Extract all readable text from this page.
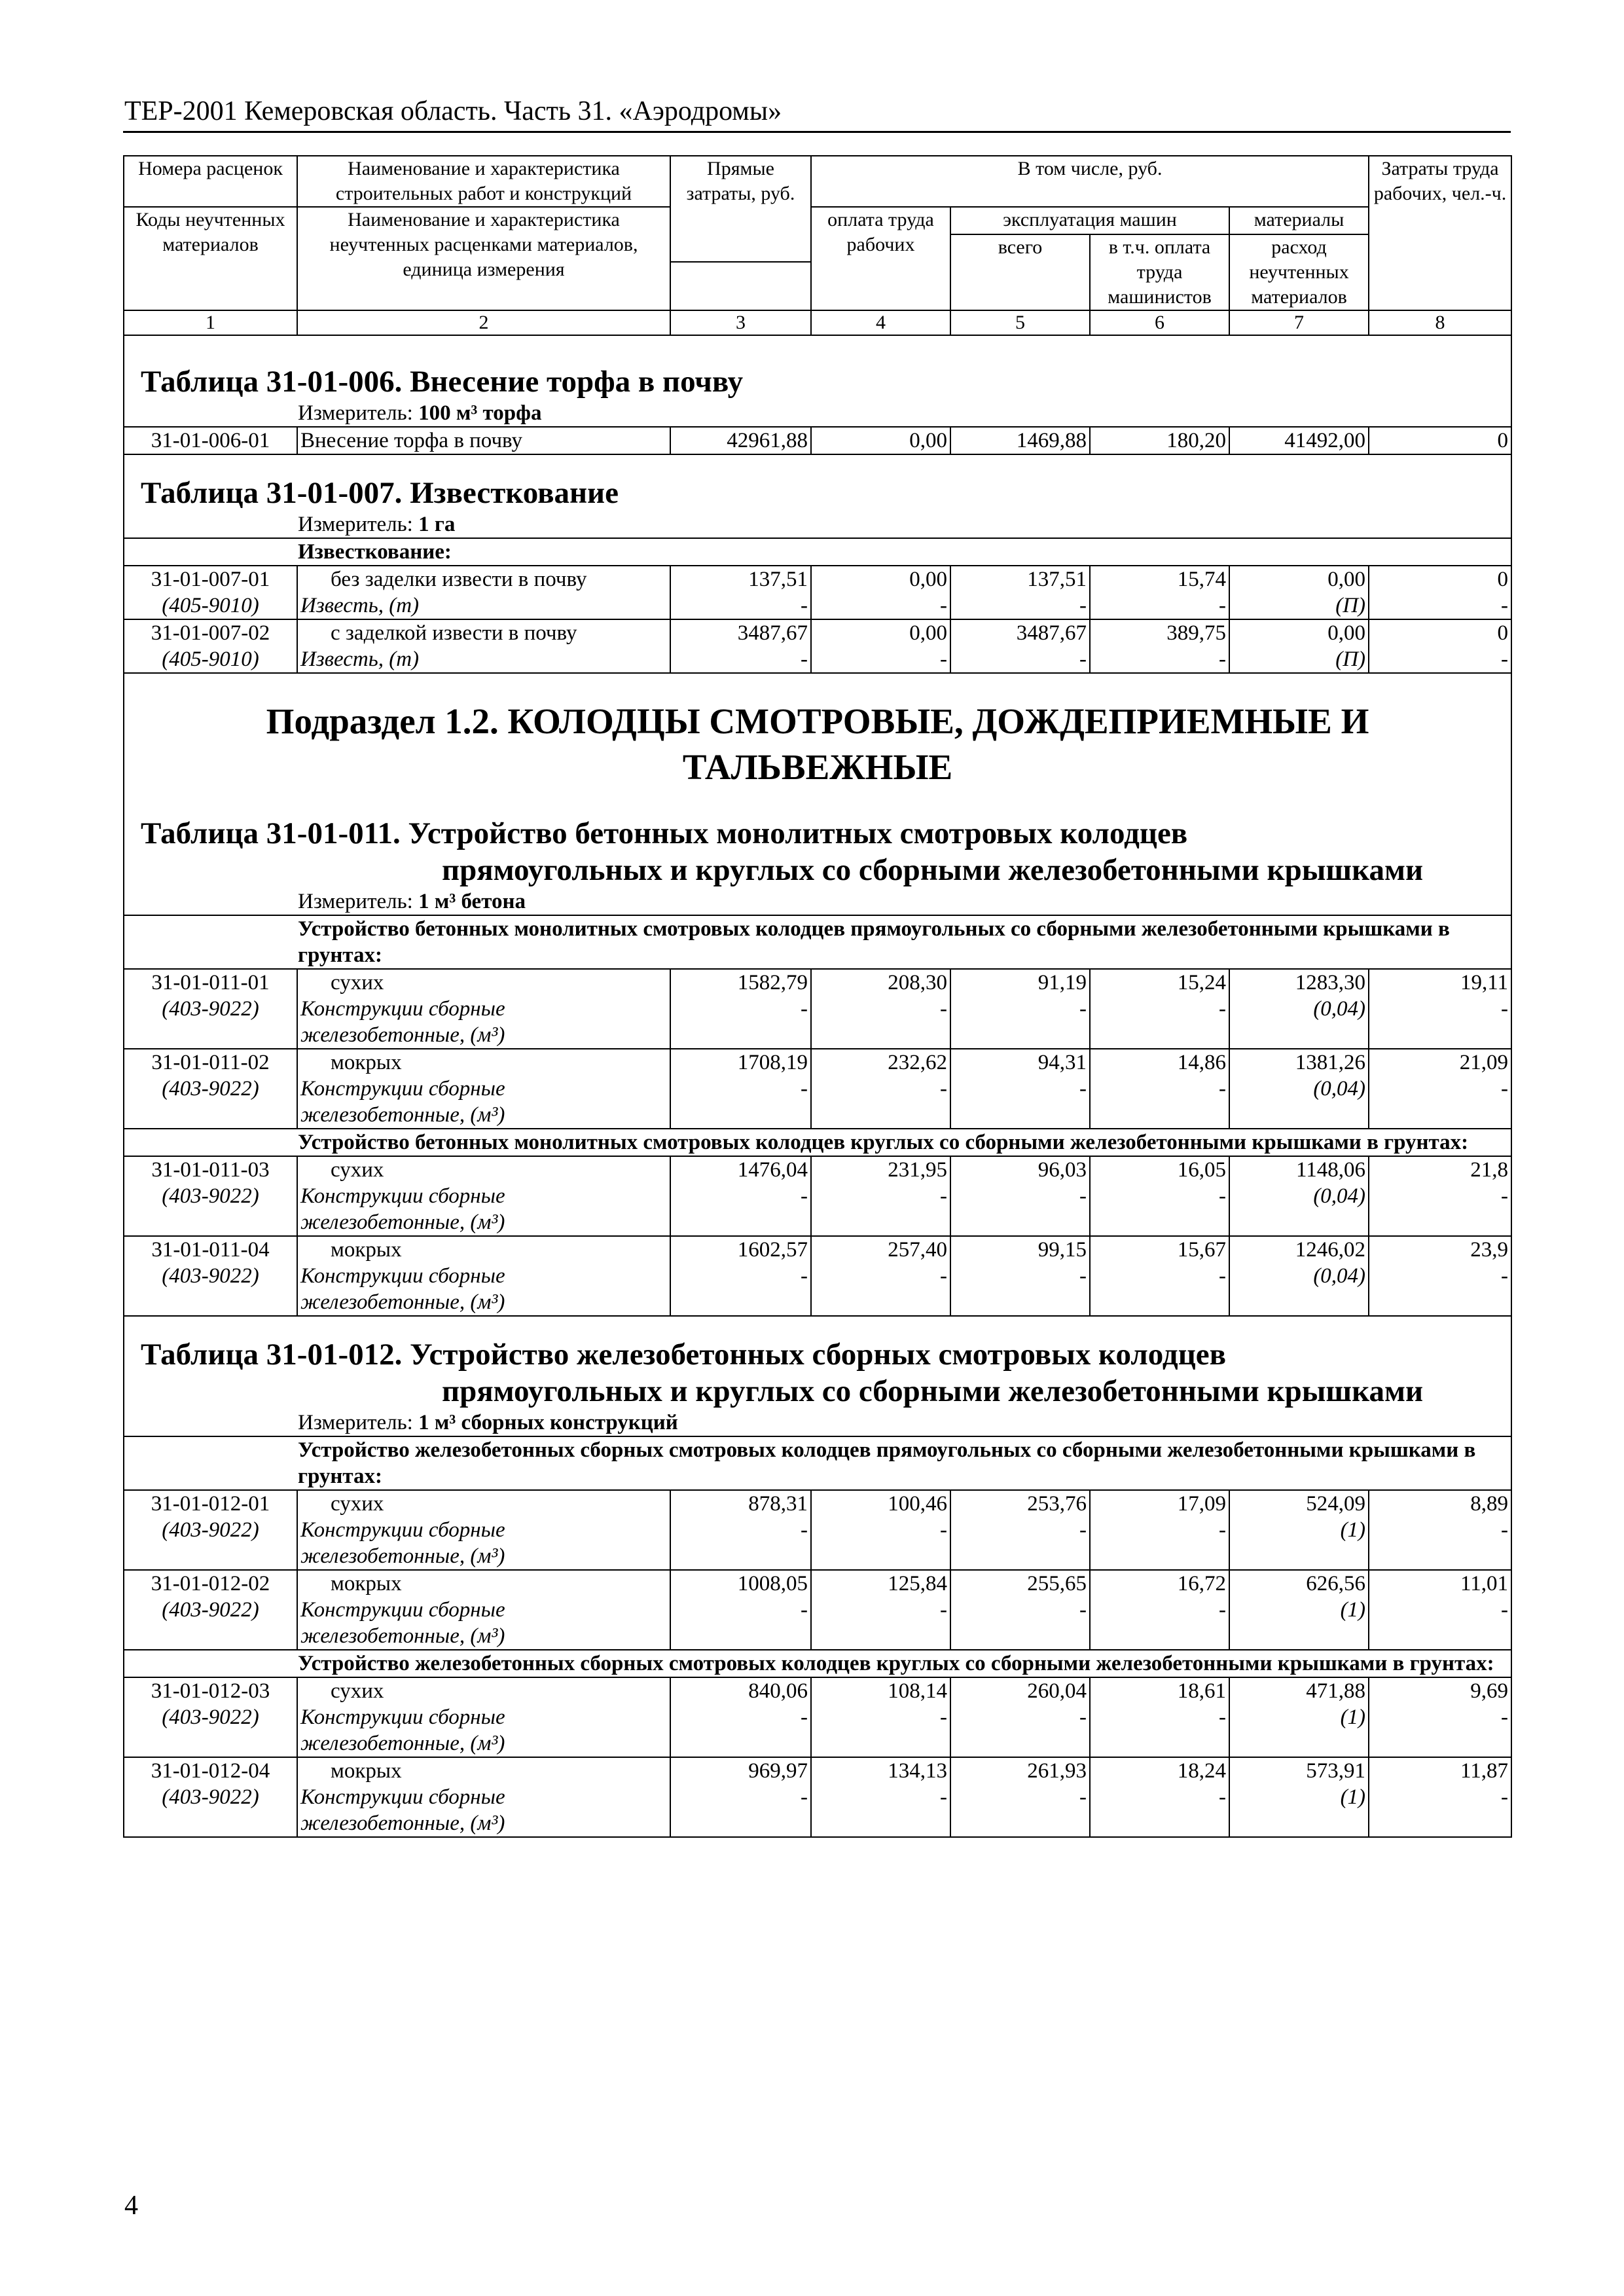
ТЕР-2001 Кемеровская область. Часть 31. «Аэродромы»
Номера расценок	Наименование и характеристика строительных работ и конструкций	Прямые затраты, руб.	В том числе, руб.				Затраты труда рабочих, чел.-ч.
Коды неучтенных материалов	Наименование и характеристика неучтенных расценками материалов, единица измерения		оплата труда рабочих	эксплуатация машин		материалы	
				всего	в т.ч. оплата труда машинистов	расход неучтенных материалов	

1	2	3	4	5	6	7	8

Таблица 31-01-006. Внесение торфа в почву							
Измеритель: 100 м³ торфа							
31-01-006-01	Внесение торфа в почву	42961,88	0,00	1469,88	180,20	41492,00	0

Таблица 31-01-007. Известкование							
Измеритель: 1 га							
Известкование:							
31-01-007-01	без заделки извести в почву	137,51	0,00	137,51	15,74	0,00	0
(405-9010)	Известь, (т)	-	-	-	-	(П)	-
31-01-007-02	с заделкой извести в почву	3487,67	0,00	3487,67	389,75	0,00	0
(405-9010)	Известь, (т)	-	-	-	-	(П)	-

Подраздел 1.2. КОЛОДЦЫ СМОТРОВЫЕ, ДОЖДЕПРИЕМНЫЕ И
ТАЛЬВЕЖНЫЕ							

Таблица 31-01-011. Устройство бетонных монолитных смотровых колодцев
прямоугольных и круглых со сборными железобетонными крышками							

Измеритель: 1 м³ бетона							
Устройство бетонных монолитных смотровых колодцев прямоугольных со сборными железобетонными крышками в грунтах:							
31-01-011-01	сухих	1582,79	208,30	91,19	15,24	1283,30	19,11
(403-9022)	Конструкции сборные	-	-	-	-	(0,04)	-
	железобетонные, (м³)						
31-01-011-02	мокрых	1708,19	232,62	94,31	14,86	1381,26	21,09
(403-9022)	Конструкции сборные	-	-	-	-	(0,04)	-
	железобетонные, (м³)						
Устройство бетонных монолитных смотровых колодцев круглых со сборными железобетонными крышками в грунтах:							
31-01-011-03	сухих	1476,04	231,95	96,03	16,05	1148,06	21,8
(403-9022)	Конструкции сборные	-	-	-	-	(0,04)	-
	железобетонные, (м³)						
31-01-011-04	мокрых	1602,57	257,40	99,15	15,67	1246,02	23,9
(403-9022)	Конструкции сборные	-	-	-	-	(0,04)	-
	железобетонные, (м³)						

Таблица 31-01-012. Устройство железобетонных сборных смотровых колодцев
прямоугольных и круглых со сборными железобетонными крышками							

Измеритель: 1 м³ сборных конструкций							
Устройство железобетонных сборных смотровых колодцев прямоугольных со сборными железобетонными крышками в грунтах:							
31-01-012-01	сухих	878,31	100,46	253,76	17,09	524,09	8,89
(403-9022)	Конструкции сборные	-	-	-	-	(1)	-
	железобетонные, (м³)						
31-01-012-02	мокрых	1008,05	125,84	255,65	16,72	626,56	11,01
(403-9022)	Конструкции сборные	-	-	-	-	(1)	-
	железобетонные, (м³)						
Устройство железобетонных сборных смотровых колодцев круглых со сборными железобетонными крышками в грунтах:							
31-01-012-03	сухих	840,06	108,14	260,04	18,61	471,88	9,69
(403-9022)	Конструкции сборные	-	-	-	-	(1)	-
	железобетонные, (м³)						
31-01-012-04	мокрых	969,97	134,13	261,93	18,24	573,91	11,87
(403-9022)	Конструкции сборные	-	-	-	-	(1)	-
	железобетонные, (м³)						
4
